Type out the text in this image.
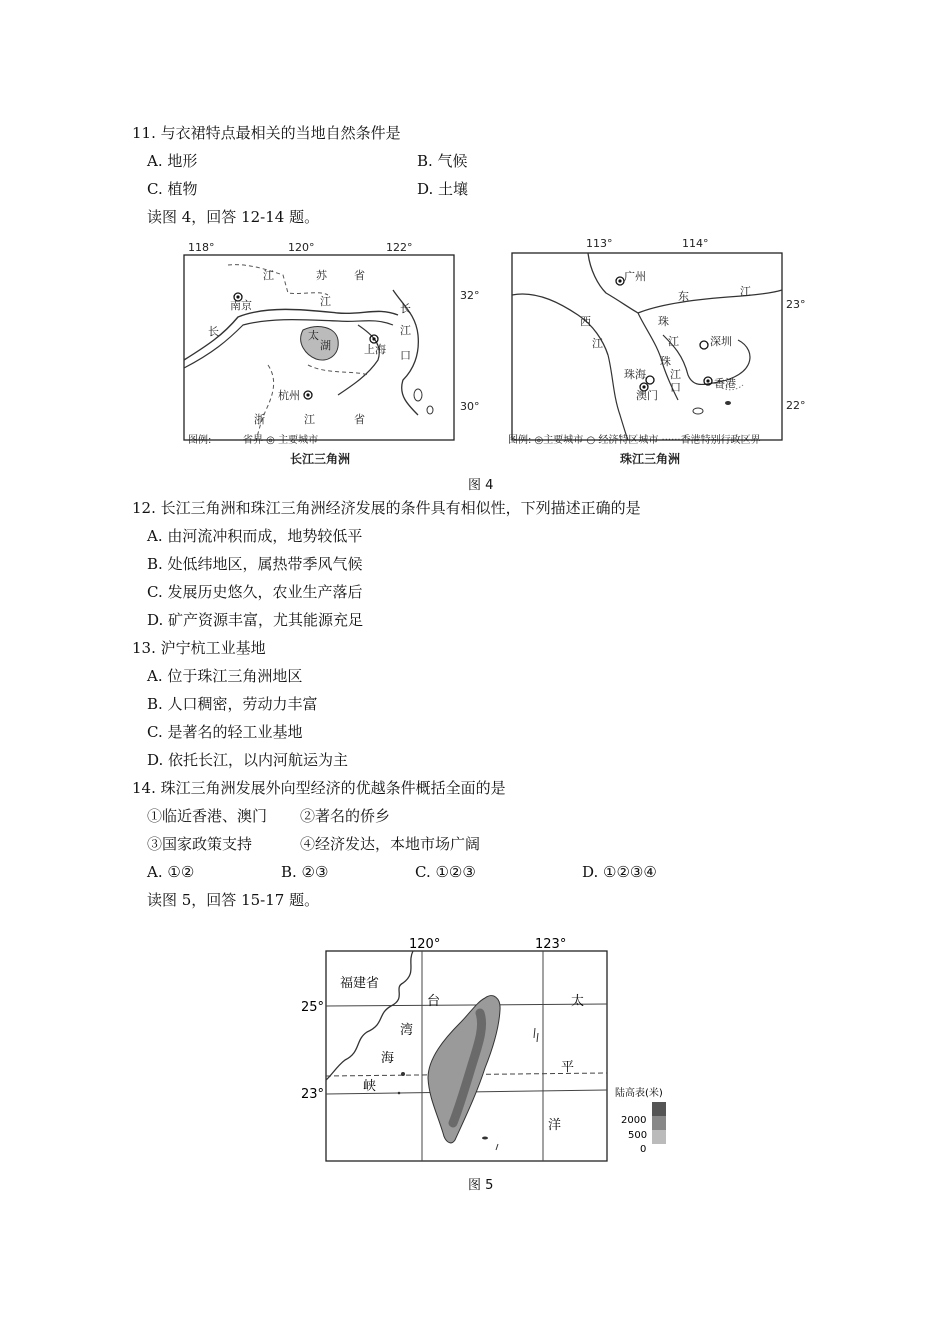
11. 与衣裙特点最相关的当地自然条件是
A. 地形	B. 气候
C. 植物	D. 土壤
读图 4，回答 12-14 题。
118°	120°	122°
32°
30°
江	苏 省
南京	江
长
长
江
口
太
湖	上海
杭州
浙	江	省
图例: ------- 省界 ◎ 主要城市
长江三角洲
113°	114°
23°
22°
广州
东	江
西
江
珠
江	深圳
珠
江
口
珠海
澳门
香港
图例: ◎主要城市 ○ 经济特区城市 ······香港特别行政区界
珠江三角洲
图 4
12. 长江三角洲和珠江三角洲经济发展的条件具有相似性，下列描述正确的是
A. 由河流冲积而成，地势较低平
B. 处低纬地区，属热带季风气候
C. 发展历史悠久，农业生产落后
D. 矿产资源丰富，尤其能源充足
13. 沪宁杭工业基地
A. 位于珠江三角洲地区
B. 人口稠密，劳动力丰富
C. 是著名的轻工业基地
D. 依托长江，以内河航运为主
14. 珠江三角洲发展外向型经济的优越条件概括全面的是
①临近香港、澳门 ②著名的侨乡
③国家政策支持	④经济发达，本地市场广阔
A. ①②	B. ②③	C. ①②③	D. ①②③④
读图 5，回答 15-17 题。
120°	123°
25°
23°
福建省
台
湾
海
峡
太
平
洋
陆高表(米)
2000
500
0
图 5
